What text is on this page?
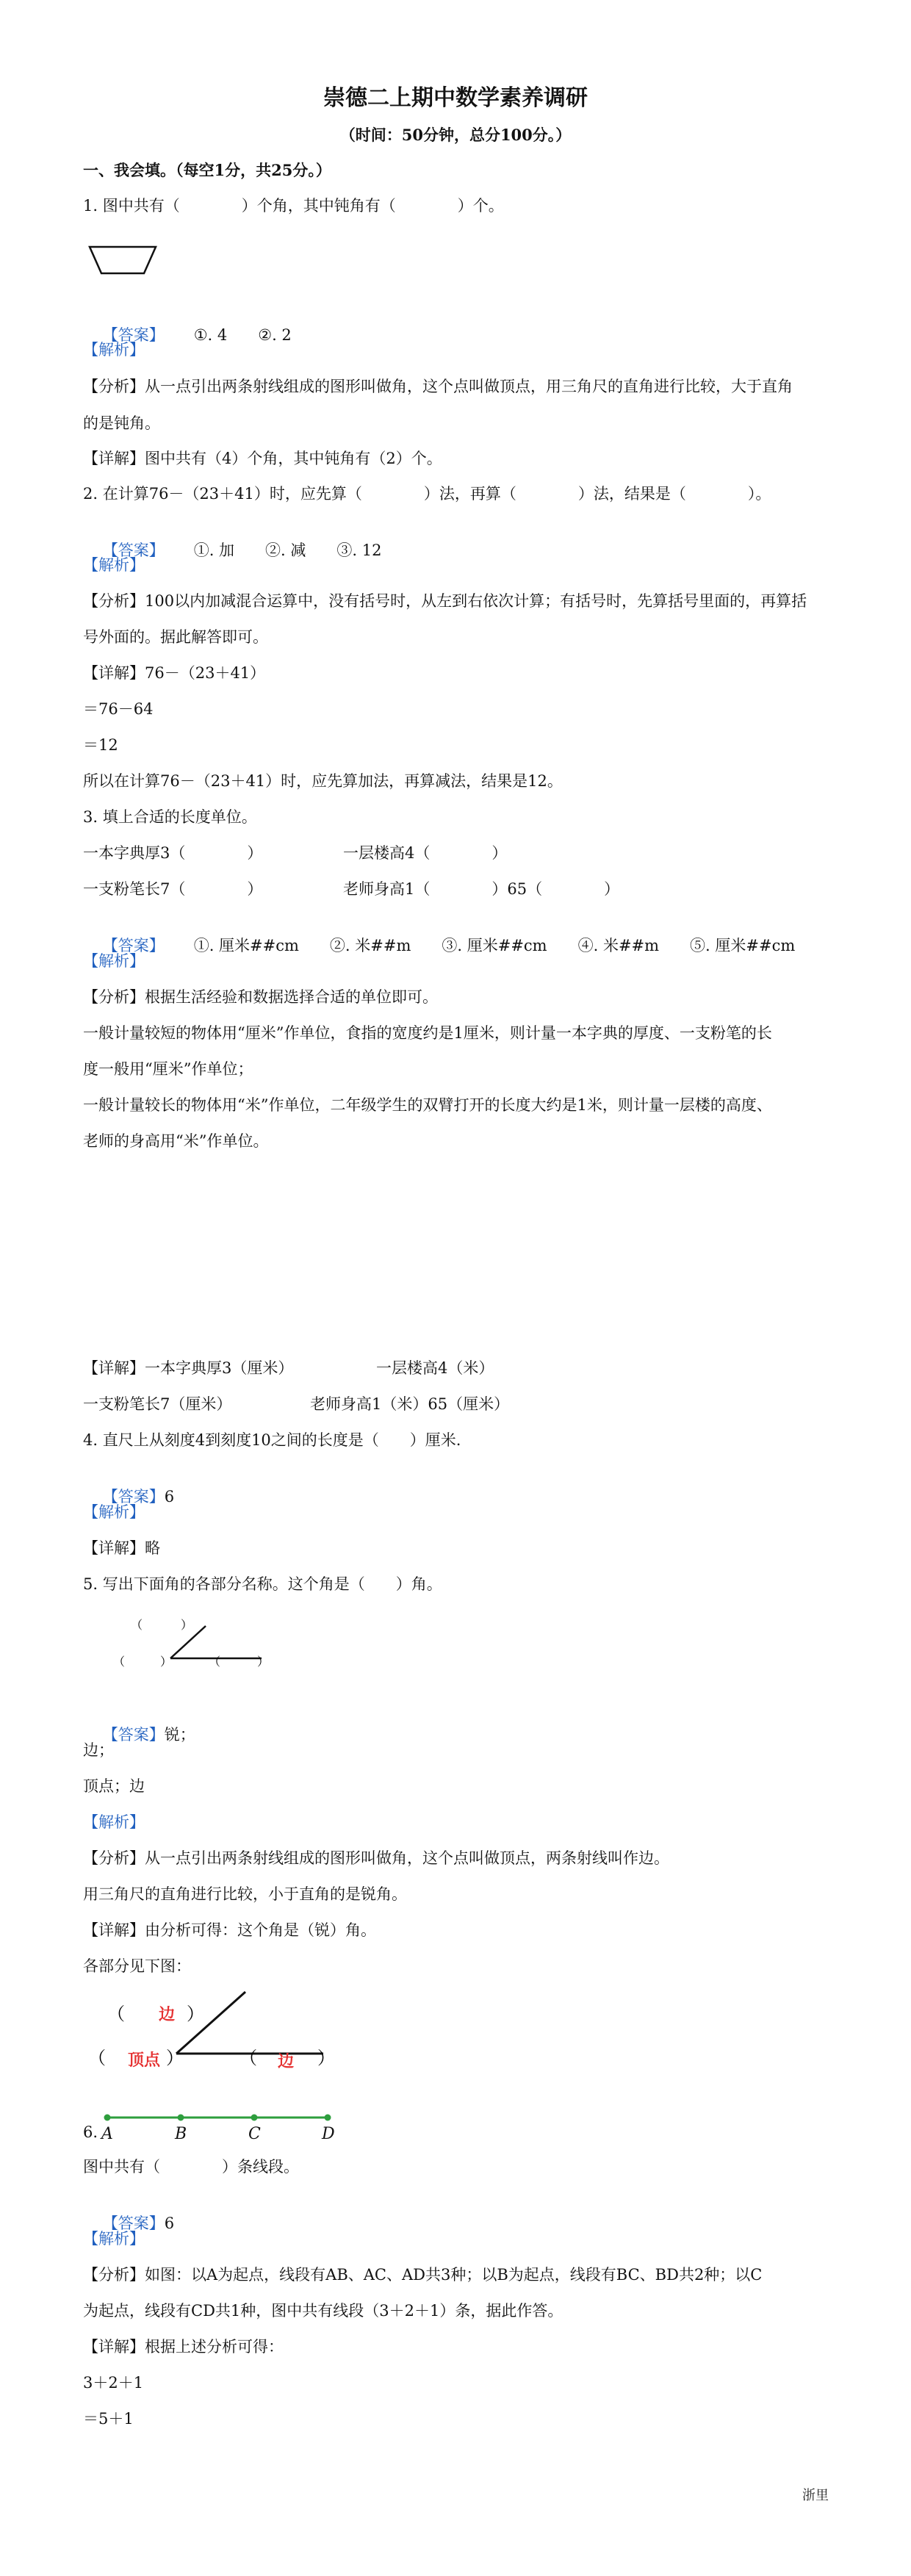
崇德二上期中数学素养调研
（时间：50分钟，总分100分。）
一、我会填。（每空1分，共25分。）
1. 图中共有（　　　　）个角，其中钝角有（　　　　）个。

【答案】 ①. 4　　②. 2

【解析】
【分析】从一点引出两条射线组成的图形叫做角，这个点叫做顶点，用三角尺的直角进行比较，大于直角
的是钝角。
【详解】图中共有（4）个角，其中钝角有（2）个。
2. 在计算76－（23＋41）时，应先算（　　　　）法，再算（　　　　）法，结果是（　　　　）。

【答案】 ①. 加　　②. 减　　③. 12

【解析】
【分析】100以内加减混合运算中，没有括号时，从左到右依次计算；有括号时，先算括号里面的，再算括
号外面的。据此解答即可。
【详解】76－（23＋41）
＝76－64
＝12
所以在计算76－（23＋41）时，应先算加法，再算减法，结果是12。
3. 填上合适的长度单位。
一本字典厚3（　　　　）	一层楼高4（　　　　）
一支粉笔长7（　　　　）	老师身高1（　　　　）65（　　　　）

【答案】 ①. 厘米##cm　　②. 米##m　　③. 厘米##cm　　④. 米##m　　⑤. 厘米##cm

【解析】
【分析】根据生活经验和数据选择合适的单位即可。
一般计量较短的物体用“厘米”作单位，食指的宽度约是1厘米，则计量一本字典的厚度、一支粉笔的长
度一般用“厘米”作单位；
一般计量较长的物体用“米”作单位，二年级学生的双臂打开的长度大约是1米，则计量一层楼的高度、
老师的身高用“米”作单位。
【详解】一本字典厚3（厘米）	一层楼高4（米）
一支粉笔长7（厘米）	老师身高1（米）65（厘米）
4. 直尺上从刻度4到刻度10之间的长度是（　　）厘米.

【答案】6

【解析】
【详解】略
5. 写出下面角的各部分名称。这个角是（　　）角。
（	）
（	）	（	）

【答案】锐；

边；
顶点；边
【解析】
【分析】从一点引出两条射线组成的图形叫做角，这个点叫做顶点，两条射线叫作边。
用三角尺的直角进行比较，小于直角的是锐角。
【详解】由分析可得：这个角是（锐）角。
各部分见下图：
（	）
（	）	（	）
边
顶点	边
6. A	B	C	D
图中共有（　　　　）条线段。

【答案】6

【解析】
【分析】如图：以A为起点，线段有AB、AC、AD共3种；以B为起点，线段有BC、BD共2种；以C
为起点，线段有CD共1种，图中共有线段（3＋2＋1）条，据此作答。
【详解】根据上述分析可得：
3＋2＋1
＝5＋1
浙里
